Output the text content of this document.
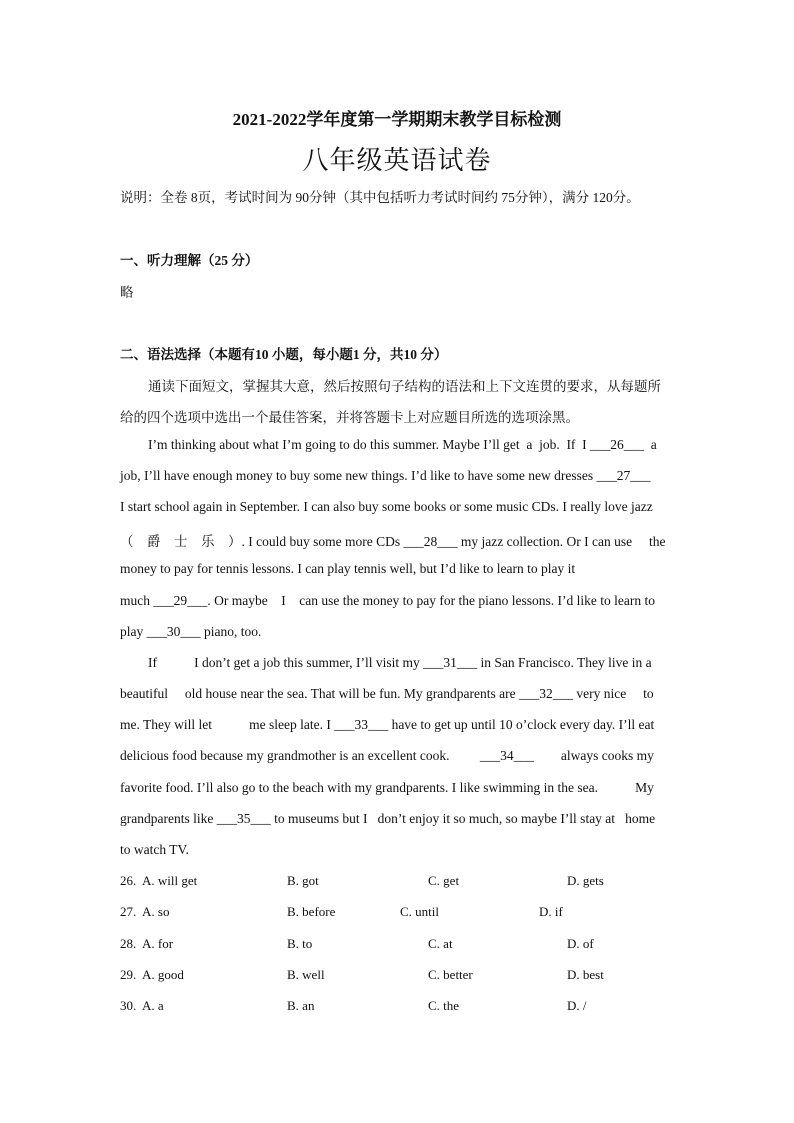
2021-2022学年度第一学期期末教学目标检测
八年级英语试卷
说明：全卷 8页，考试时间为 90分钟（其中包括听力考试时间约 75分钟），满分 120分。
一、听力理解（25 分）
略
二、语法选择（本题有10 小题，每小题1 分，共10 分）
通读下面短文，掌握其大意，然后按照句子结构的语法和上下文连贯的要求，从每题所
给的四个选项中选出一个最佳答案，并将答题卡上对应题目所选的选项涂黑。
I’m thinking about what I’m going to do this summer. Maybe I’ll get  a  job.  If  I ___26___  a
job, I’ll have enough money to buy some new things. I’d like to have some new dresses ___27___
I start school again in September. I can also buy some books or some music CDs. I really love jazz
（    爵    士    乐    ）. I could buy some more CDs ___28___ my jazz collection. Or I can use     the
money to pay for tennis lessons. I can play tennis well, but I’d like to learn to play it
much ___29___. Or maybe    I    can use the money to pay for the piano lessons. I’d like to learn to
play ___30___ piano, too.
If           I don’t get a job this summer, I’ll visit my ___31___ in San Francisco. They live in a
beautiful     old house near the sea. That will be fun. My grandparents are ___32___ very nice     to
me. They will let           me sleep late. I ___33___ have to get up until 10 o’clock every day. I’ll eat
delicious food because my grandmother is an excellent cook.         ___34___        always cooks my
favorite food. I’ll also go to the beach with my grandparents. I like swimming in the sea.           My
grandparents like ___35___ to museums but I   don’t enjoy it so much, so maybe I’ll stay at   home
to watch TV.
26. A. will get	B. got	C. get	D. gets
27. A. so	B. before	C. until	D. if
28. A. for	B. to	C. at	D. of
29. A. good	B. well	C. better	D. best
30. A. a	B. an	C. the	D. /
